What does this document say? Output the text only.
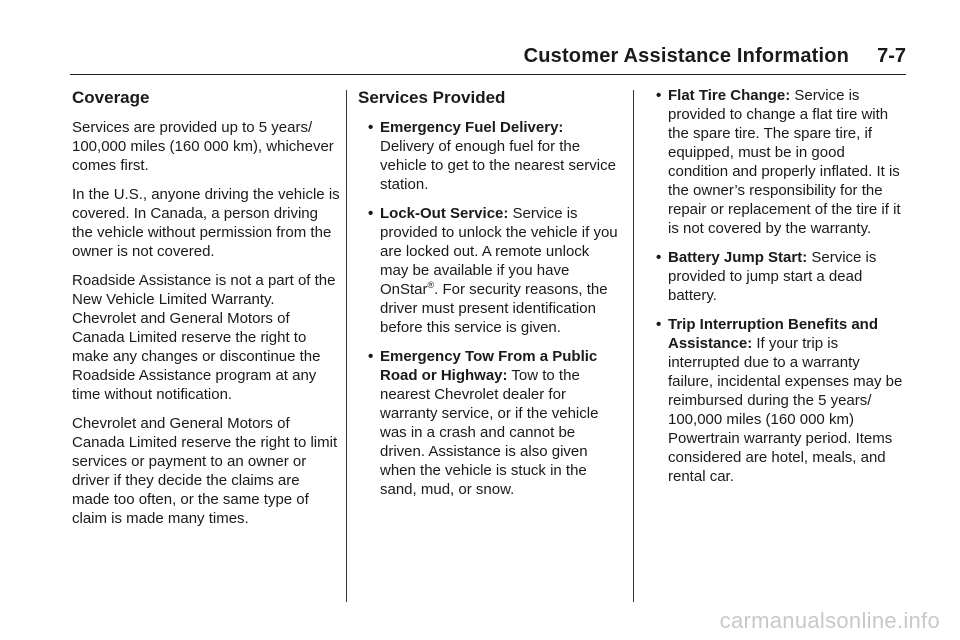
Customer Assistance Information 7-7
Coverage

Services are provided up to 5 years/ 100,000 miles (160 000 km), whichever comes first.

In the U.S., anyone driving the vehicle is covered. In Canada, a person driving the vehicle without permission from the owner is not covered.

Roadside Assistance is not a part of the New Vehicle Limited Warranty. Chevrolet and General Motors of Canada Limited reserve the right to make any changes or discontinue the Roadside Assistance program at any time without notification.

Chevrolet and General Motors of Canada Limited reserve the right to limit services or payment to an owner or driver if they decide the claims are made too often, or the same type of claim is made many times.

Services Provided
• Emergency Fuel Delivery: Delivery of enough fuel for the vehicle to get to the nearest service station.
• Lock-Out Service: Service is provided to unlock the vehicle if you are locked out. A remote unlock may be available if you have OnStar®. For security reasons, the driver must present identification before this service is given.
• Emergency Tow From a Public Road or Highway: Tow to the nearest Chevrolet dealer for warranty service, or if the vehicle was in a crash and cannot be driven. Assistance is also given when the vehicle is stuck in the sand, mud, or snow.
• Flat Tire Change: Service is provided to change a flat tire with the spare tire. The spare tire, if equipped, must be in good condition and properly inflated. It is the owner’s responsibility for the repair or replacement of the tire if it is not covered by the warranty.
• Battery Jump Start: Service is provided to jump start a dead battery.
• Trip Interruption Benefits and Assistance: If your trip is interrupted due to a warranty failure, incidental expenses may be reimbursed during the 5 years/ 100,000 miles (160 000 km) Powertrain warranty period. Items considered are hotel, meals, and rental car.
carmanualsonline.info
